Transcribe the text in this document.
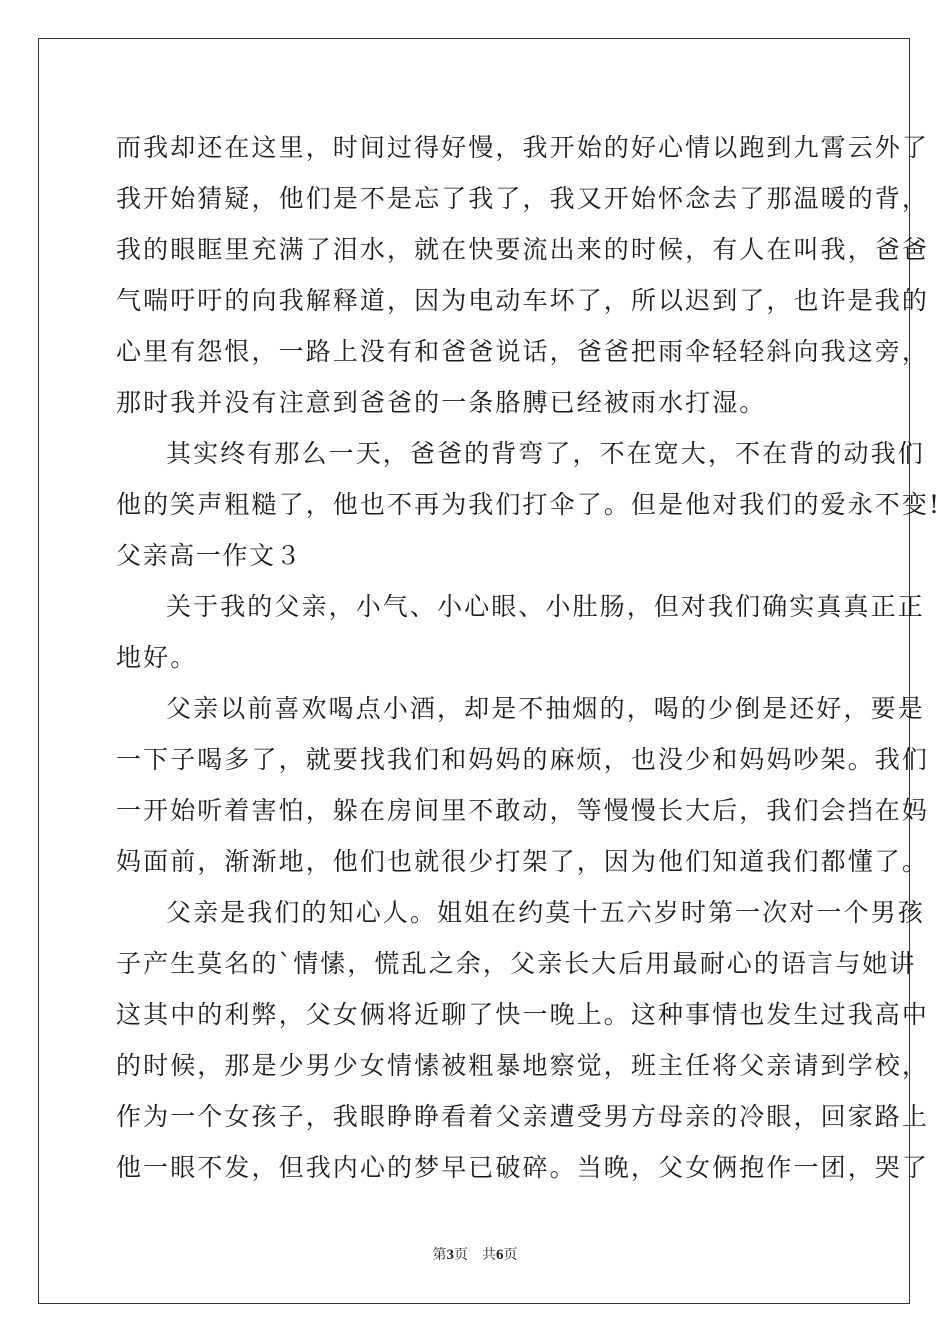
而我却还在这里，时间过得好慢，我开始的好心情以跑到九霄云外了
我开始猜疑，他们是不是忘了我了，我又开始怀念去了那温暖的背，
我的眼眶里充满了泪水，就在快要流出来的时候，有人在叫我，爸爸
气喘吁吁的向我解释道，因为电动车坏了，所以迟到了，也许是我的
心里有怨恨，一路上没有和爸爸说话，爸爸把雨伞轻轻斜向我这旁，
那时我并没有注意到爸爸的一条胳膊已经被雨水打湿。
其实终有那么一天，爸爸的背弯了，不在宽大，不在背的动我们
他的笑声粗糙了，他也不再为我们打伞了。但是他对我们的爱永不变!
父亲高一作文３
关于我的父亲，小气、小心眼、小肚肠，但对我们确实真真正正
地好。
父亲以前喜欢喝点小酒，却是不抽烟的，喝的少倒是还好，要是
一下子喝多了，就要找我们和妈妈的麻烦，也没少和妈妈吵架。我们
一开始听着害怕，躲在房间里不敢动，等慢慢长大后，我们会挡在妈
妈面前，渐渐地，他们也就很少打架了，因为他们知道我们都懂了。
父亲是我们的知心人。姐姐在约莫十五六岁时第一次对一个男孩
子产生莫名的`情愫，慌乱之余，父亲长大后用最耐心的语言与她讲
这其中的利弊，父女俩将近聊了快一晚上。这种事情也发生过我高中
的时候，那是少男少女情愫被粗暴地察觉，班主任将父亲请到学校，
作为一个女孩子，我眼睁睁看着父亲遭受男方母亲的冷眼，回家路上
他一眼不发，但我内心的梦早已破碎。当晚，父女俩抱作一团，哭了
第3页　共6页
